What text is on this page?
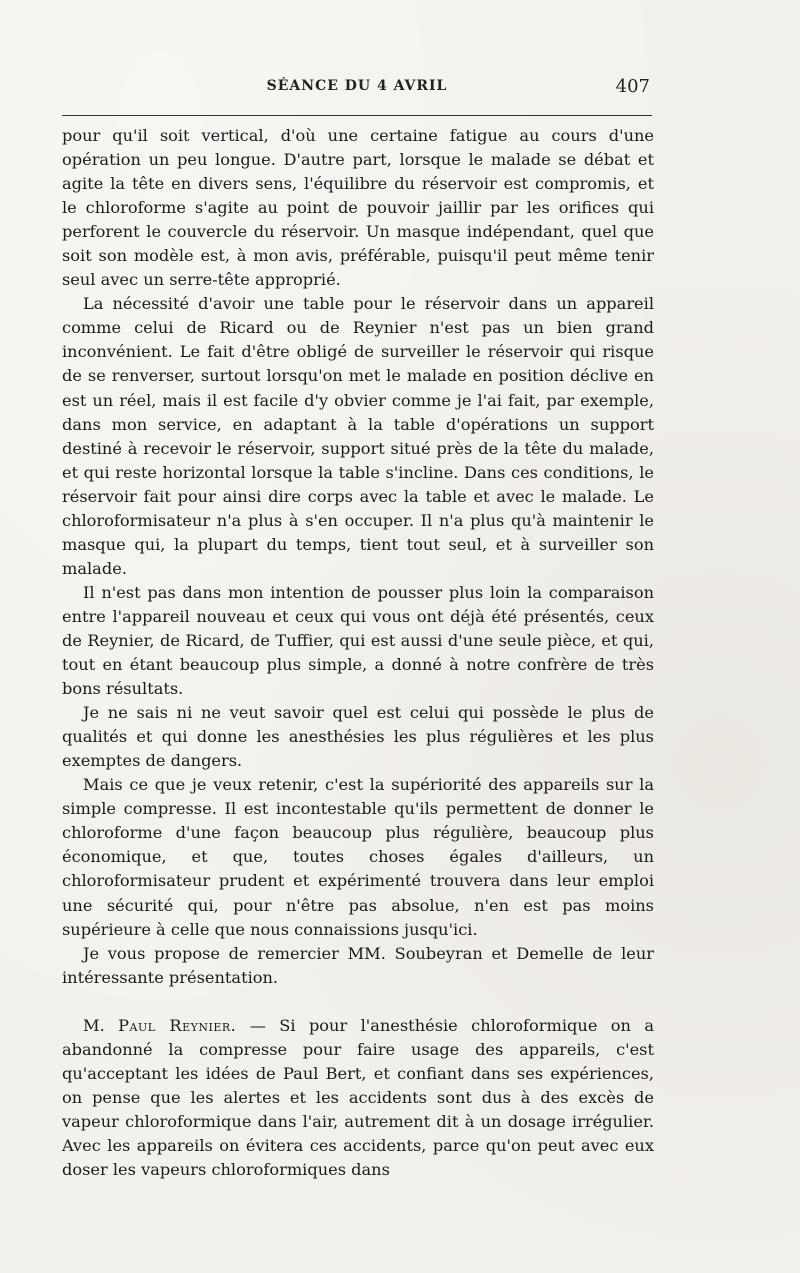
SÉANCE DU 4 AVRIL	407

pour qu'il soit vertical, d'où une certaine fatigue au cours d'une opération un peu longue. D'autre part, lorsque le malade se débat et agite la tête en divers sens, l'équilibre du réservoir est compromis, et le chloroforme s'agite au point de pouvoir jaillir par les orifices qui perforent le couvercle du réservoir. Un masque indépendant, quel que soit son modèle est, à mon avis, préférable, puisqu'il peut même tenir seul avec un serre-tête approprié.

La nécessité d'avoir une table pour le réservoir dans un appareil comme celui de Ricard ou de Reynier n'est pas un bien grand inconvénient. Le fait d'être obligé de surveiller le réservoir qui risque de se renverser, surtout lorsqu'on met le malade en position déclive en est un réel, mais il est facile d'y obvier comme je l'ai fait, par exemple, dans mon service, en adaptant à la table d'opérations un support destiné à recevoir le réservoir, support situé près de la tête du malade, et qui reste horizontal lorsque la table s'incline. Dans ces conditions, le réservoir fait pour ainsi dire corps avec la table et avec le malade. Le chloroformisateur n'a plus à s'en occuper. Il n'a plus qu'à maintenir le masque qui, la plupart du temps, tient tout seul, et à surveiller son malade.

Il n'est pas dans mon intention de pousser plus loin la comparaison entre l'appareil nouveau et ceux qui vous ont déjà été présentés, ceux de Reynier, de Ricard, de Tuffier, qui est aussi d'une seule pièce, et qui, tout en étant beaucoup plus simple, a donné à notre confrère de très bons résultats.

Je ne sais ni ne veut savoir quel est celui qui possède le plus de qualités et qui donne les anesthésies les plus régulières et les plus exemptes de dangers.

Mais ce que je veux retenir, c'est la supériorité des appareils sur la simple compresse. Il est incontestable qu'ils permettent de donner le chloroforme d'une façon beaucoup plus régulière, beaucoup plus économique, et que, toutes choses égales d'ailleurs, un chloroformisateur prudent et expérimenté trouvera dans leur emploi une sécurité qui, pour n'être pas absolue, n'en est pas moins supérieure à celle que nous connaissions jusqu'ici.

Je vous propose de remercier MM. Soubeyran et Demelle de leur intéressante présentation.

M. Paul Reynier. — Si pour l'anesthésie chloroformique on a abandonné la compresse pour faire usage des appareils, c'est qu'acceptant les idées de Paul Bert, et confiant dans ses expériences, on pense que les alertes et les accidents sont dus à des excès de vapeur chloroformique dans l'air, autrement dit à un dosage irrégulier. Avec les appareils on évitera ces accidents, parce qu'on peut avec eux doser les vapeurs chloroformiques dans
